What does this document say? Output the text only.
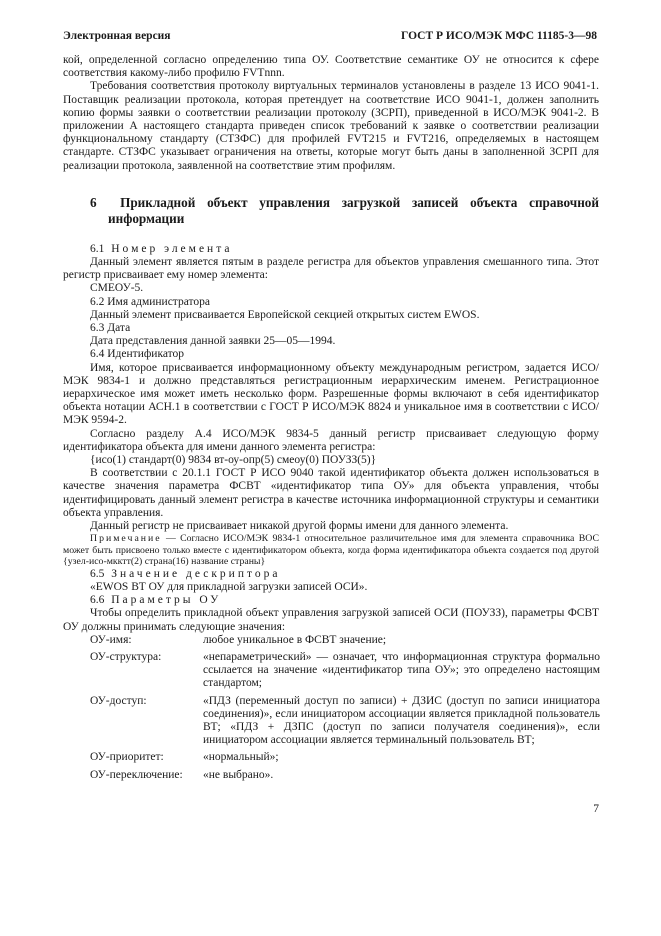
Электронная версия	ГОСТ Р ИСО/МЭК МФС 11185-3—98

кой, определенной согласно определению типа ОУ. Соответствие семантике ОУ не относится к сфере соответствия какому-либо профилю FVTnnn.

Требования соответствия протоколу виртуальных терминалов установлены в разделе 13 ИСО 9041-1. Поставщик реализации протокола, которая претендует на соответствие ИСО 9041-1, должен заполнить копию формы заявки о соответствии реализации протоколу (ЗСРП), приведенной в ИСО/МЭК 9041-2. В приложении А настоящего стандарта приведен список требований к заявке о соответствии реализации функциональному стандарту (СТЗФС) для профилей FVT215 и FVT216, определяемых в настоящем стандарте. СТЗФС указывает ограничения на ответы, которые могут быть даны в заполненной ЗСРП для реализации протокола, заявленной на соответствие этим профилям.

6 Прикладной объект управления загрузкой записей объекта справочной информации

6.1 Номер элемента

Данный элемент является пятым в разделе регистра для объектов управления смешанного типа. Этот регистр присваивает ему номер элемента:

СМЕОУ-5.

6.2 Имя администратора

Данный элемент присваивается Европейской секцией открытых систем EWOS.

6.3 Дата

Дата представления данной заявки 25—05—1994.

6.4 Идентификатор

Имя, которое присваивается информационному объекту международным регистром, задается ИСО/МЭК 9834-1 и должно представляться регистрационным иерархическим именем. Регистрационное иерархическое имя может иметь несколько форм. Разрешенные формы включают в себя идентификатор объекта нотации АСН.1 в соответствии с ГОСТ Р ИСО/МЭК 8824 и уникальное имя в соответствии с ИСО/МЭК 9594-2.

Согласно разделу А.4 ИСО/МЭК 9834-5 данный регистр присваивает следующую форму идентификатора объекта для имени данного элемента регистра:

{исо(1) стандарт(0) 9834 вт-оу-опр(5) смеоу(0) ПОУЗЗ(5)}

В соответствии с 20.1.1 ГОСТ Р ИСО 9040 такой идентификатор объекта должен использоваться в качестве значения параметра ФСВТ «идентификатор типа ОУ» для объекта управления, чтобы идентифицировать данный элемент регистра в качестве источника информационной структуры и семантики объекта управления.

Данный регистр не присваивает никакой другой формы имени для данного элемента.

Примечание — Согласно ИСО/МЭК 9834-1 относительное различительное имя для элемента справочника ВОС может быть присвоено только вместе с идентификатором объекта, когда форма идентификатора объекта создается под другой {узел-исо-мкктт(2) страна(16) название страны}

6.5 Значение дескриптора

«EWOS ВТ ОУ для прикладной загрузки записей ОСИ».

6.6 Параметры ОУ

Чтобы определить прикладной объект управления загрузкой записей ОСИ (ПОУЗЗ), параметры ФСВТ ОУ должны принимать следующие значения:

ОУ-имя:	любое уникальное в ФСВТ значение;
ОУ-структура:	«непараметрический» — означает, что информационная структура формально ссылается на значение «идентификатор типа ОУ»; это определено настоящим стандартом;
ОУ-доступ:	«ПДЗ (переменный доступ по записи) + ДЗИС (доступ по записи инициатора соединения)», если инициатором ассоциации является прикладной пользователь ВТ; «ПДЗ + ДЗПС (доступ по записи получателя соединения)», если инициатором ассоциации является терминальный пользователь ВТ;
ОУ-приоритет:	«нормальный»;
ОУ-переключение:	«не выбрано».
7
